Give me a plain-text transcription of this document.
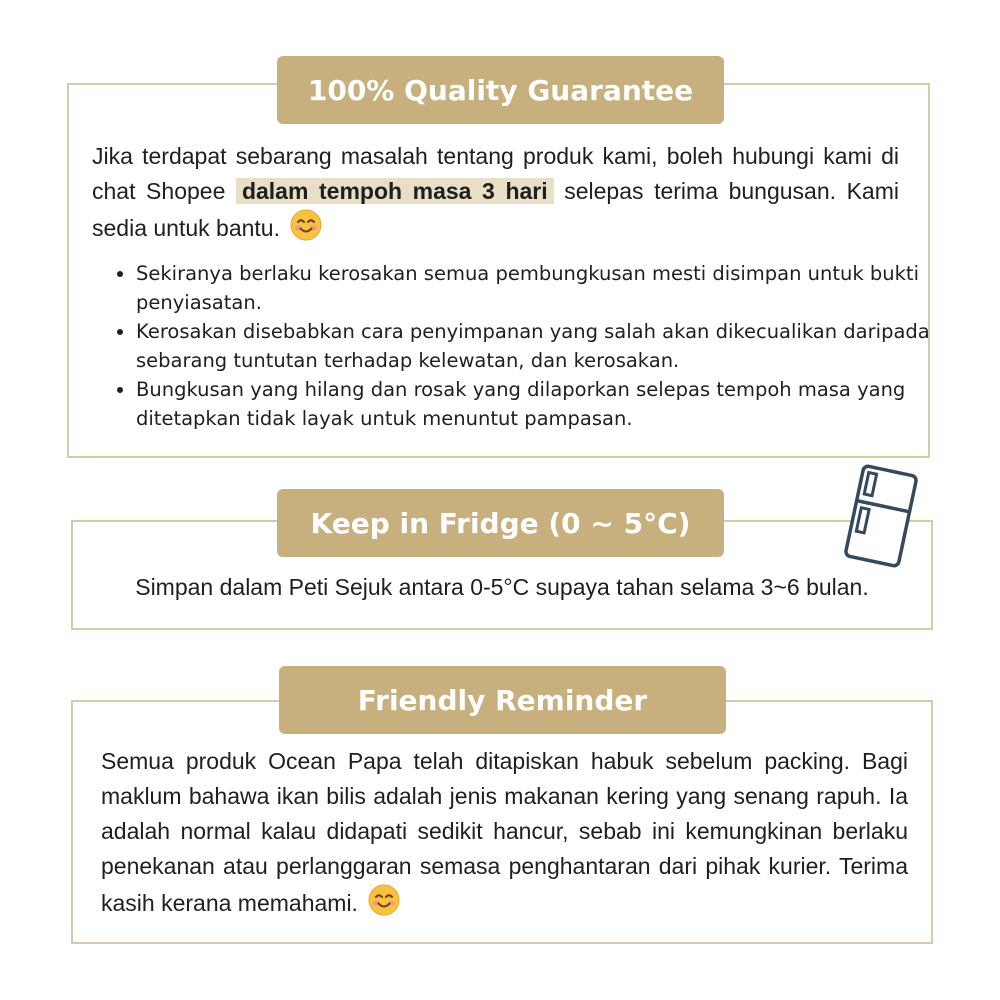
100% Quality Guarantee
Jika terdapat sebarang masalah tentang produk kami, boleh hubungi kami di chat Shopee dalam tempoh masa 3 hari selepas terima bungusan. Kami sedia untuk bantu.
• Sekiranya berlaku kerosakan semua pembungkusan mesti disimpan untuk bukti penyiasatan.
• Kerosakan disebabkan cara penyimpanan yang salah akan dikecualikan daripada sebarang tuntutan terhadap kelewatan, dan kerosakan.
• Bungkusan yang hilang dan rosak yang dilaporkan selepas tempoh masa yang ditetapkan tidak layak untuk menuntut pampasan.
Keep in Fridge (0 ~ 5°C)
Simpan dalam Peti Sejuk antara 0-5°C supaya tahan selama 3~6 bulan.
Friendly Reminder
Semua produk Ocean Papa telah ditapiskan habuk sebelum packing. Bagi maklum bahawa ikan bilis adalah jenis makanan kering yang senang rapuh. Ia adalah normal kalau didapati sedikit hancur, sebab ini kemungkinan berlaku penekanan atau perlanggaran semasa penghantaran dari pihak kurier. Terima kasih kerana memahami.
